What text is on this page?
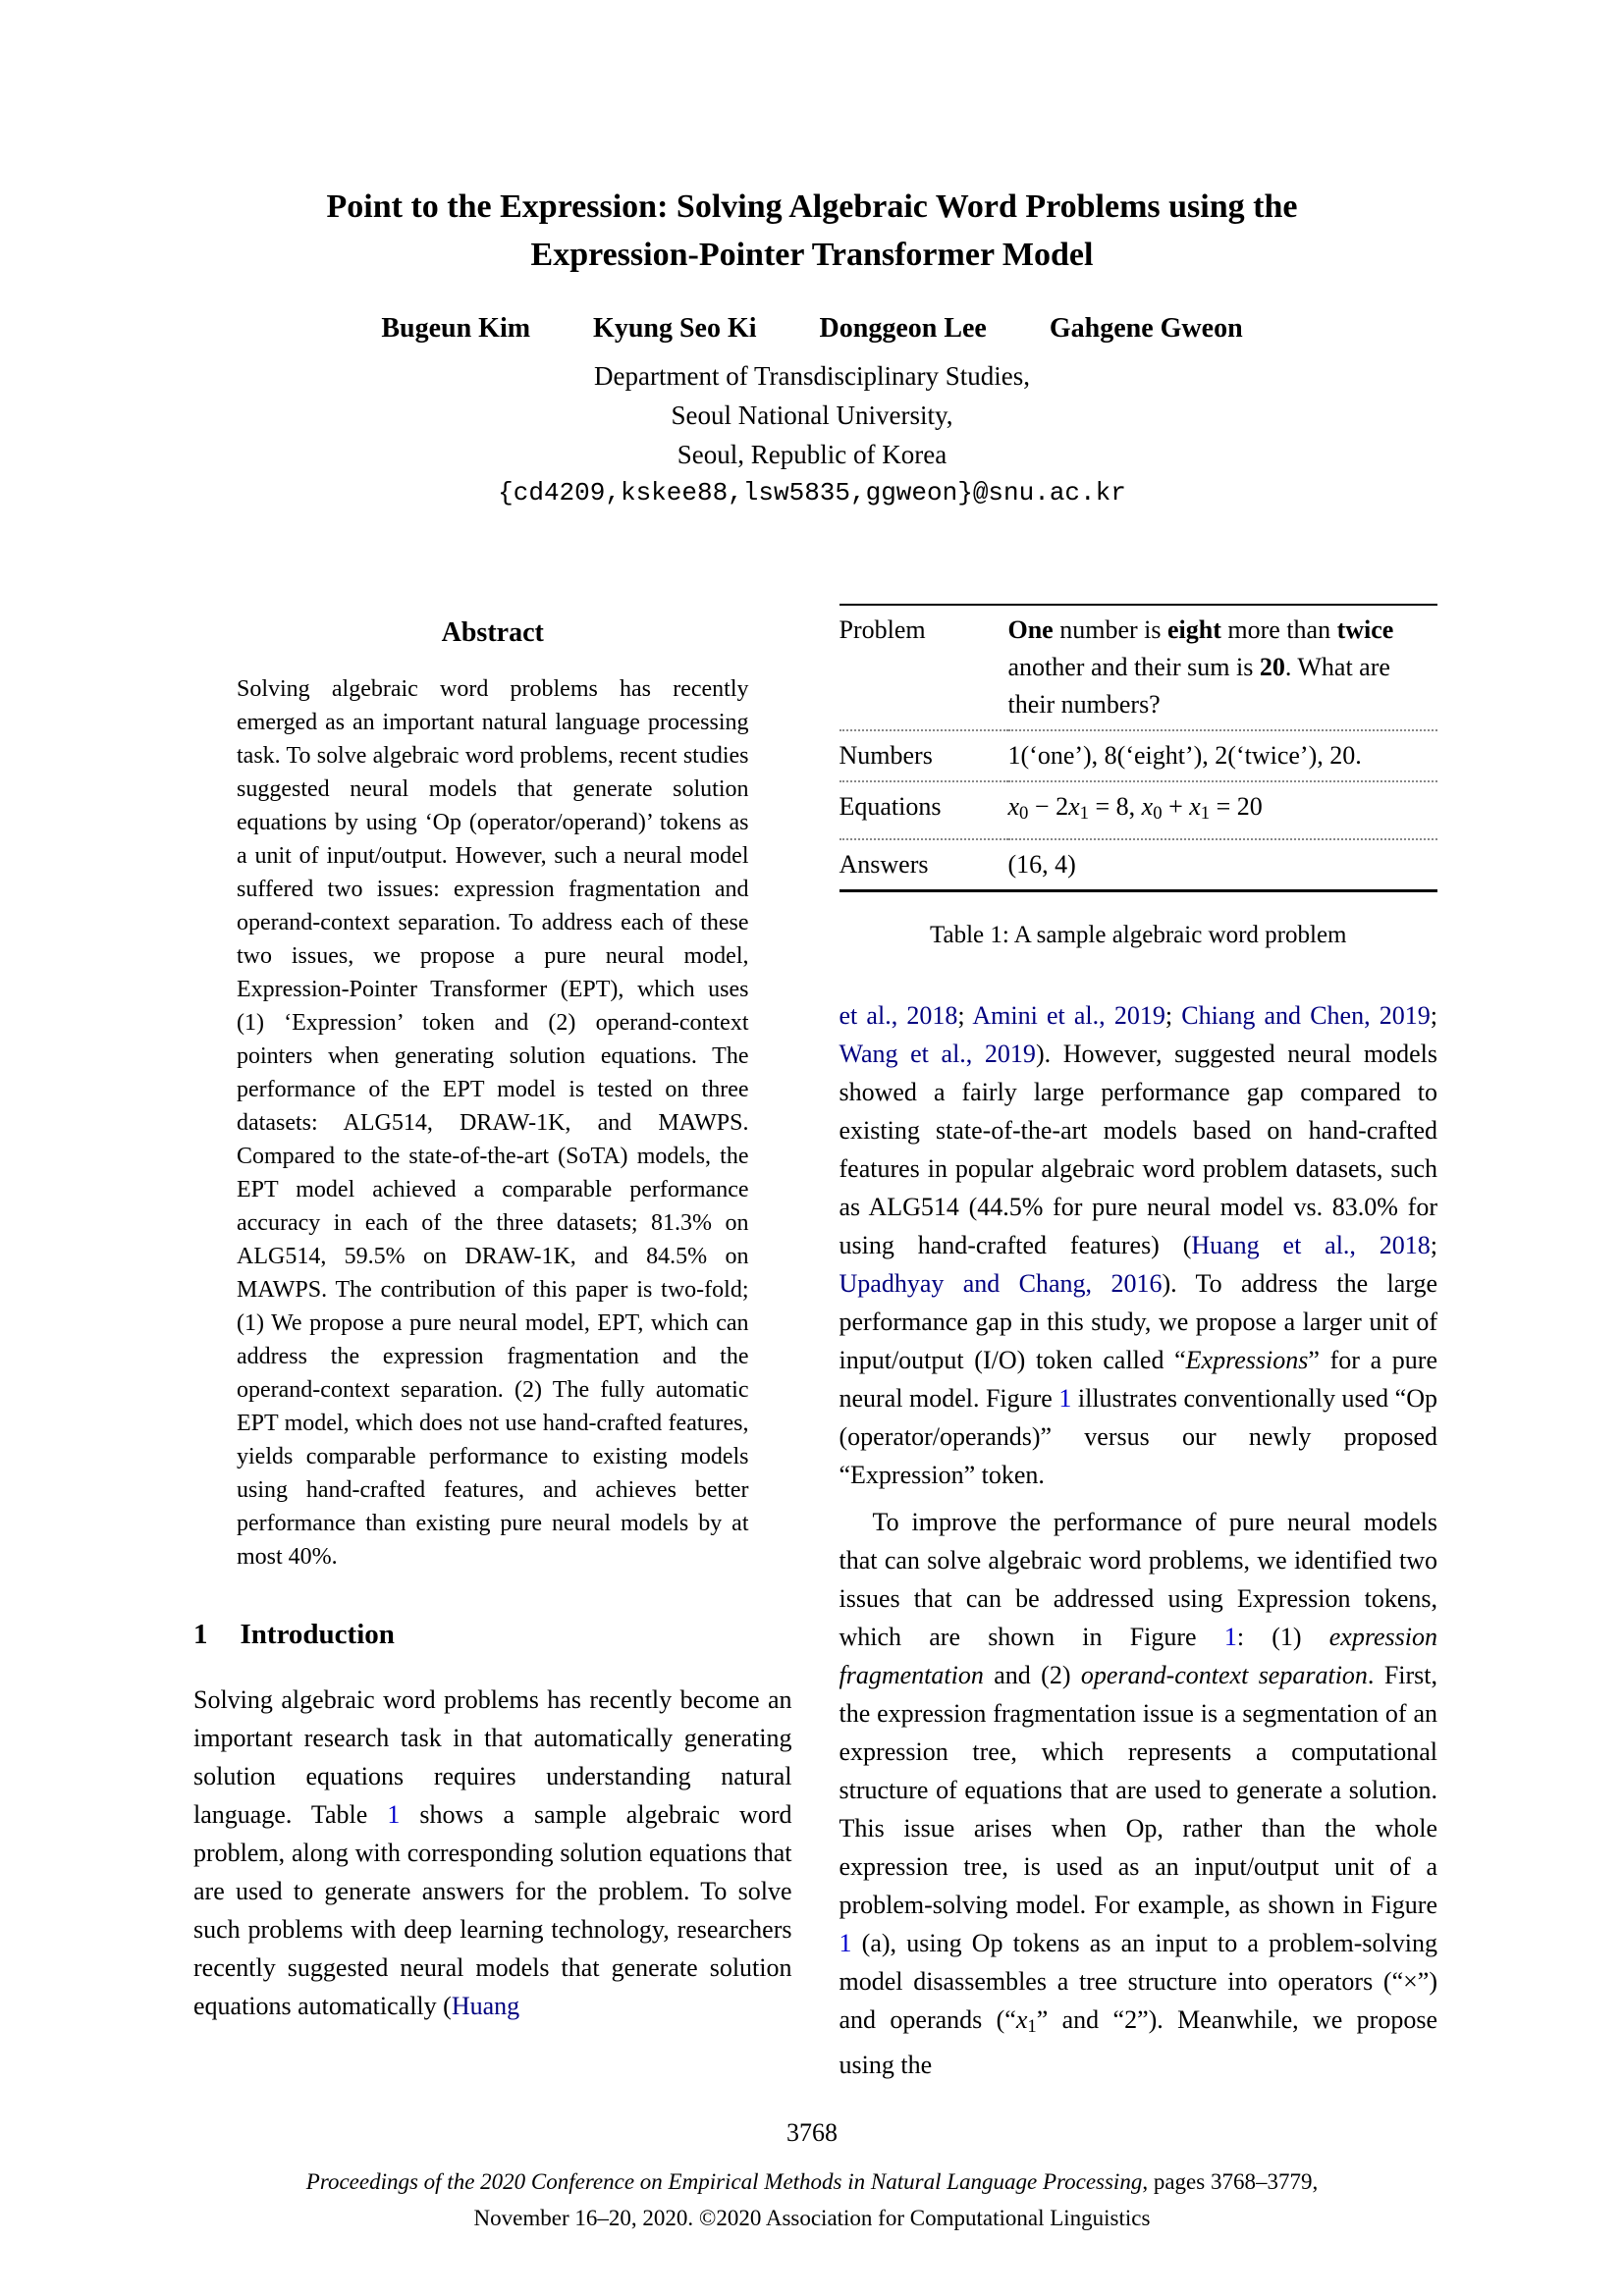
Point to the Expression: Solving Algebraic Word Problems using the
Expression-Pointer Transformer Model
Bugeun Kim Kyung Seo Ki Donggeon Lee Gahgene Gweon
Department of Transdisciplinary Studies,
Seoul National University,
Seoul, Republic of Korea
{cd4209,kskee88,lsw5835,ggweon}@snu.ac.kr
Abstract

Solving algebraic word problems has recently emerged as an important natural language processing task. To solve algebraic word problems, recent studies suggested neural models that generate solution equations by using ‘Op (operator/operand)’ tokens as a unit of input/output. However, such a neural model suffered two issues: expression fragmentation and operand-context separation. To address each of these two issues, we propose a pure neural model, Expression-Pointer Transformer (EPT), which uses (1) ‘Expression’ token and (2) operand-context pointers when generating solution equations. The performance of the EPT model is tested on three datasets: ALG514, DRAW-1K, and MAWPS. Compared to the state-of-the-art (SoTA) models, the EPT model achieved a comparable performance accuracy in each of the three datasets; 81.3% on ALG514, 59.5% on DRAW-1K, and 84.5% on MAWPS. The contribution of this paper is two-fold; (1) We propose a pure neural model, EPT, which can address the expression fragmentation and the operand-context separation. (2) The fully automatic EPT model, which does not use hand-crafted features, yields comparable performance to existing models using hand-crafted features, and achieves better performance than existing pure neural models by at most 40%.

1 Introduction

Solving algebraic word problems has recently become an important research task in that automatically generating solution equations requires understanding natural language. Table 1 shows a sample algebraic word problem, along with corresponding solution equations that are used to generate answers for the problem. To solve such problems with deep learning technology, researchers recently suggested neural models that generate solution equations automatically (Huang

Problem	One number is eight more than twice another and their sum is 20. What are their numbers?
Numbers	1(‘one’), 8(‘eight’), 2(‘twice’), 20.
Equations	x0 − 2x1 = 8, x0 + x1 = 20
Answers	(16, 4)
Table 1: A sample algebraic word problem

et al., 2018; Amini et al., 2019; Chiang and Chen, 2019; Wang et al., 2019). However, suggested neural models showed a fairly large performance gap compared to existing state-of-the-art models based on hand-crafted features in popular algebraic word problem datasets, such as ALG514 (44.5% for pure neural model vs. 83.0% for using hand-crafted features) (Huang et al., 2018; Upadhyay and Chang, 2016). To address the large performance gap in this study, we propose a larger unit of input/output (I/O) token called “Expressions” for a pure neural model. Figure 1 illustrates conventionally used “Op (operator/operands)” versus our newly proposed “Expression” token.

To improve the performance of pure neural models that can solve algebraic word problems, we identified two issues that can be addressed using Expression tokens, which are shown in Figure 1: (1) expression fragmentation and (2) operand-context separation. First, the expression fragmentation issue is a segmentation of an expression tree, which represents a computational structure of equations that are used to generate a solution. This issue arises when Op, rather than the whole expression tree, is used as an input/output unit of a problem-solving model. For example, as shown in Figure 1 (a), using Op tokens as an input to a problem-solving model disassembles a tree structure into operators (“×”) and operands (“x1” and “2”). Meanwhile, we propose using the

3768
Proceedings of the 2020 Conference on Empirical Methods in Natural Language Processing, pages 3768–3779,
November 16–20, 2020. ©2020 Association for Computational Linguistics
